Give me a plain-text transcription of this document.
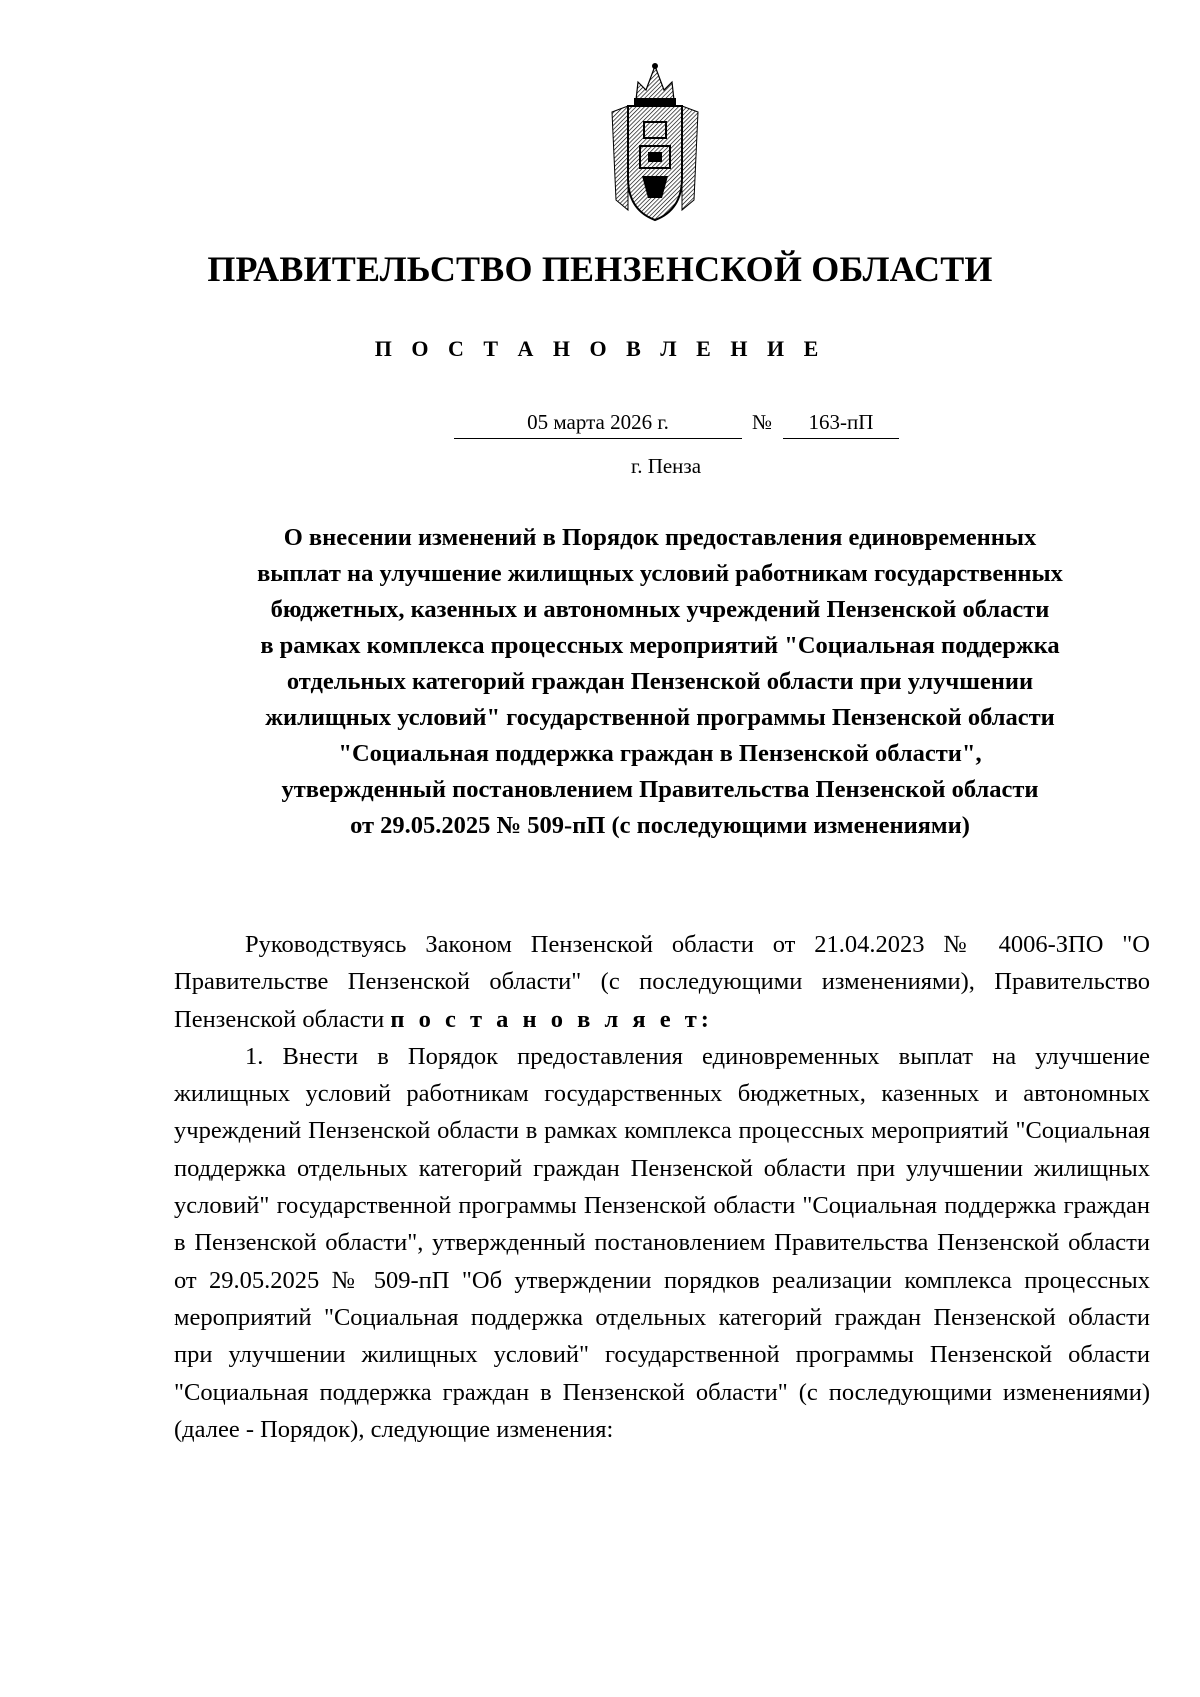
ПРАВИТЕЛЬСТВО ПЕНЗЕНСКОЙ ОБЛАСТИ
П О С Т А Н О В Л Е Н И Е
05 марта 2026 г.	№	163-пП
г. Пенза
О внесении изменений в Порядок предоставления единовременных
выплат на улучшение жилищных условий работникам государственных
бюджетных, казенных и автономных учреждений Пензенской области
в рамках комплекса процессных мероприятий "Социальная поддержка
отдельных категорий граждан Пензенской области при улучшении
жилищных условий" государственной программы Пензенской области
"Социальная поддержка граждан в Пензенской области",
утвержденный постановлением Правительства Пензенской области
от 29.05.2025 № 509-пП (с последующими изменениями)

Руководствуясь Законом Пензенской области от 21.04.2023 № 4006-ЗПО "О Правительстве Пензенской области" (с последующими изменениями), Правительство Пензенской области п о с т а н о в л я е т:

1. Внести в Порядок предоставления единовременных выплат на улучшение жилищных условий работникам государственных бюджетных, казенных и автономных учреждений Пензенской области в рамках комплекса процессных мероприятий "Социальная поддержка отдельных категорий граждан Пензенской области при улучшении жилищных условий" государственной программы Пензенской области "Социальная поддержка граждан в Пензенской области", утвержденный постановлением Правительства Пензенской области от 29.05.2025 № 509-пП "Об утверждении порядков реализации комплекса процессных мероприятий "Социальная поддержка отдельных категорий граждан Пензенской области при улучшении жилищных условий" государственной программы Пензенской области "Социальная поддержка граждан в Пензенской области" (с последующими изменениями) (далее - Порядок), следующие изменения:
